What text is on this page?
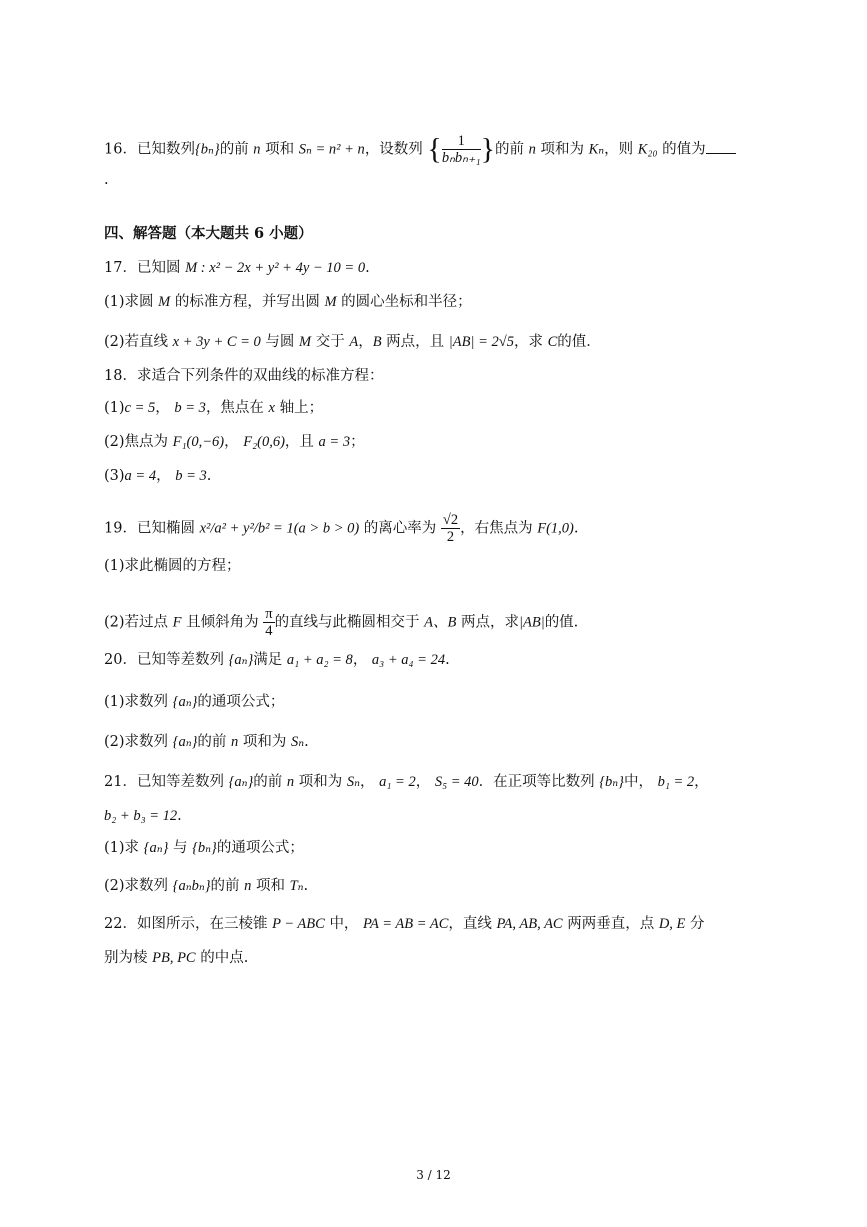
16．已知数列{bₙ}的前 n 项和 Sₙ = n² + n，设数列 { $\frac{1}{\text{bₙbₙ₊₁}}$ }的前 n 项和为 Kₙ，则 K₂₀ 的值为
.
四、解答题（本大题共 6 小题）
17．已知圆 M : x² − 2x + y² + 4y − 10 = 0.
(1)求圆 M 的标准方程，并写出圆 M 的圆心坐标和半径；
(2)若直线 x + 3y + C = 0 与圆 M 交于 A，B 两点，且 |AB| = 2√5，求 C的值．
18．求适合下列条件的双曲线的标准方程：
(1)c = 5， b = 3，焦点在 x 轴上；
(2)焦点为 F₁(0,−6)， F₂(0,6)，且 a = 3；
(3)a = 4， b = 3.
19．已知椭圆 x²/a² + y²/b² = 1(a > b > 0) 的离心率为 $\frac{√2}{2}$ ，右焦点为 F(1,0).
(1)求此椭圆的方程；
(2)若过点 F 且倾斜角为 $\frac{\pi}{4}$ 的直线与此椭圆相交于 A、B 两点，求|AB|的值.
20．已知等差数列 {aₙ}满足 a₁ + a₂ = 8， a₃ + a₄ = 24.
(1)求数列 {aₙ}的通项公式；
(2)求数列 {aₙ}的前 n 项和为 Sₙ.
21．已知等差数列 {aₙ}的前 n 项和为 Sₙ， a₁ = 2， S₅ = 40．在正项等比数列 {bₙ}中， b₁ = 2，
b₂ + b₃ = 12.
(1)求 {aₙ} 与 {bₙ}的通项公式；
(2)求数列 {aₙbₙ}的前 n 项和 Tₙ.
22．如图所示，在三棱锥 P − ABC 中， PA = AB = AC，直线 PA, AB, AC 两两垂直，点 D, E 分
别为棱 PB, PC 的中点.
3 / 12
